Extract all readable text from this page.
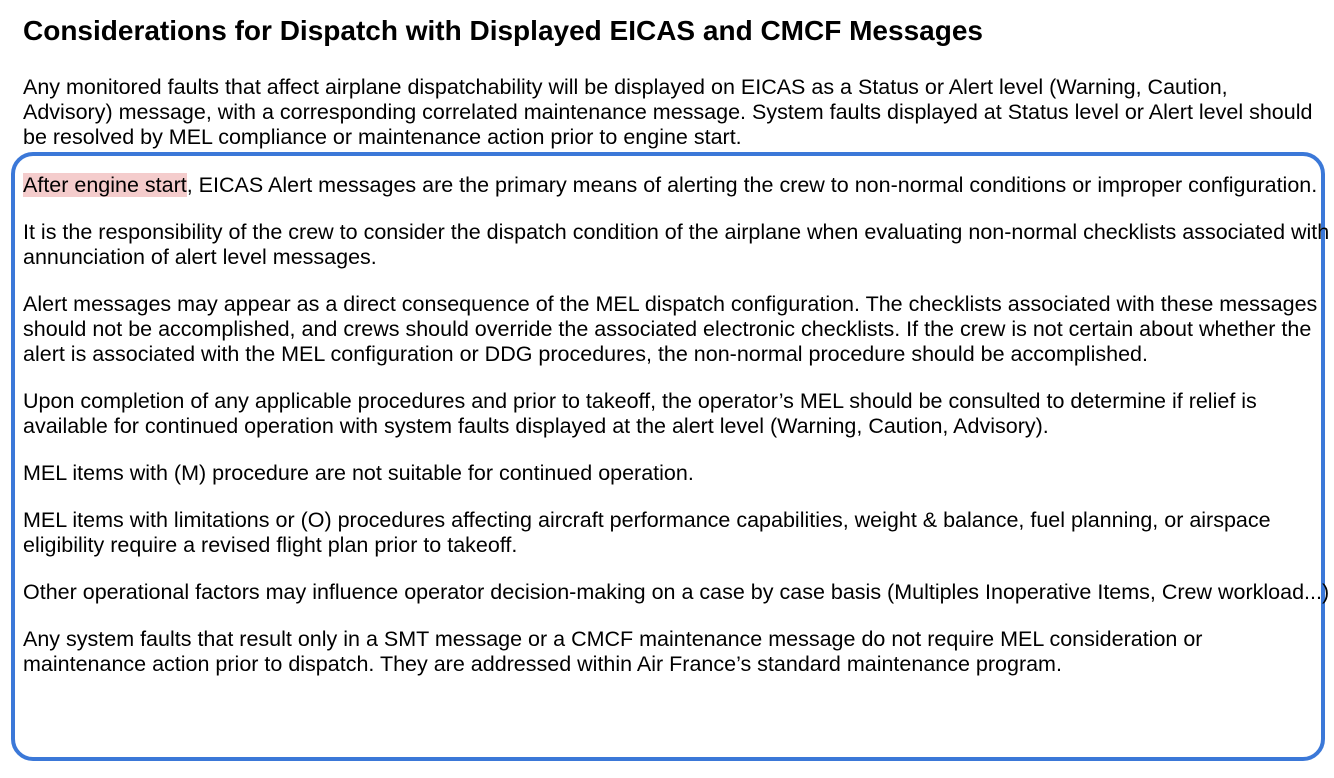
Considerations for Dispatch with Displayed EICAS and CMCF Messages

Any monitored faults that affect airplane dispatchability will be displayed on EICAS as a Status or Alert level (Warning, Caution, Advisory) message, with a corresponding correlated maintenance message. System faults displayed at Status level or Alert level should be resolved by MEL compliance or maintenance action prior to engine start.

After engine start, EICAS Alert messages are the primary means of alerting the crew to non-normal conditions or improper configuration.

It is the responsibility of the crew to consider the dispatch condition of the airplane when evaluating non-normal checklists associated with annunciation of alert level messages.

Alert messages may appear as a direct consequence of the MEL dispatch configuration. The checklists associated with these messages should not be accomplished, and crews should override the associated electronic checklists. If the crew is not certain about whether the alert is associated with the MEL configuration or DDG procedures, the non-normal procedure should be accomplished.

Upon completion of any applicable procedures and prior to takeoff, the operator’s MEL should be consulted to determine if relief is available for continued operation with system faults displayed at the alert level (Warning, Caution, Advisory).

MEL items with (M) procedure are not suitable for continued operation.

MEL items with limitations or (O) procedures affecting aircraft performance capabilities, weight & balance, fuel planning, or airspace eligibility require a revised flight plan prior to takeoff.

Other operational factors may influence operator decision-making on a case by case basis (Multiples Inoperative Items, Crew workload...)

Any system faults that result only in a SMT message or a CMCF maintenance message do not require MEL consideration or maintenance action prior to dispatch. They are addressed within Air France’s standard maintenance program.
